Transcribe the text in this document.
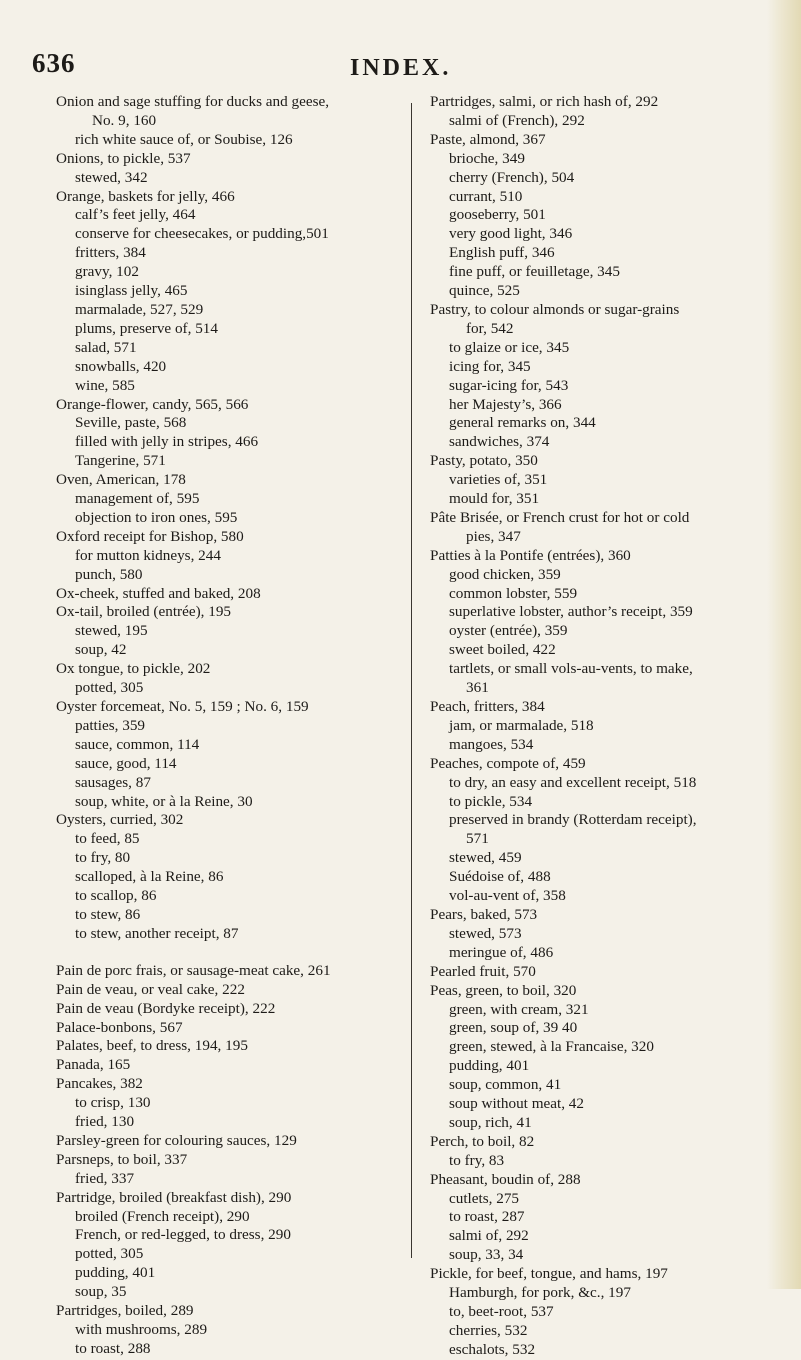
636	INDEX.
Onion and sage stuffing for ducks and geese,
No. 9, 160
rich white sauce of, or Soubise, 126
Onions, to pickle, 537
stewed, 342
Orange, baskets for jelly, 466
calf’s feet jelly, 464
conserve for cheesecakes, or pudding,501
fritters, 384
gravy, 102
isinglass jelly, 465
marmalade, 527, 529
plums, preserve of, 514
salad, 571
snowballs, 420
wine, 585
Orange-flower, candy, 565, 566
Seville, paste, 568
filled with jelly in stripes, 466
Tangerine, 571
Oven, American, 178
management of, 595
objection to iron ones, 595
Oxford receipt for Bishop, 580
for mutton kidneys, 244
punch, 580
Ox-cheek, stuffed and baked, 208
Ox-tail, broiled (entrée), 195
stewed, 195
soup, 42
Ox tongue, to pickle, 202
potted, 305
Oyster forcemeat, No. 5, 159 ; No. 6, 159
patties, 359
sauce, common, 114
sauce, good, 114
sausages, 87
soup, white, or à la Reine, 30
Oysters, curried, 302
to feed, 85
to fry, 80
scalloped, à la Reine, 86
to scallop, 86
to stew, 86
to stew, another receipt, 87
Pain de porc frais, or sausage-meat cake, 261
Pain de veau, or veal cake, 222
Pain de veau (Bordyke receipt), 222
Palace-bonbons, 567
Palates, beef, to dress, 194, 195
Panada, 165
Pancakes, 382
to crisp, 130
fried, 130
Parsley-green for colouring sauces, 129
Parsneps, to boil, 337
fried, 337
Partridge, broiled (breakfast dish), 290
broiled (French receipt), 290
French, or red-legged, to dress, 290
potted, 305
pudding, 401
soup, 35
Partridges, boiled, 289
with mushrooms, 289
to roast, 288
Partridges, salmi, or rich hash of, 292
salmi of (French), 292
Paste, almond, 367
brioche, 349
cherry (French), 504
currant, 510
gooseberry, 501
very good light, 346
English puff, 346
fine puff, or feuilletage, 345
quince, 525
Pastry, to colour almonds or sugar-grains
for, 542
to glaize or ice, 345
icing for, 345
sugar-icing for, 543
her Majesty’s, 366
general remarks on, 344
sandwiches, 374
Pasty, potato, 350
varieties of, 351
mould for, 351
Pâte Brisée, or French crust for hot or cold
pies, 347
Patties à la Pontife (entrées), 360
good chicken, 359
common lobster, 559
superlative lobster, author’s receipt, 359
oyster (entrée), 359
sweet boiled, 422
tartlets, or small vols-au-vents, to make,
361
Peach, fritters, 384
jam, or marmalade, 518
mangoes, 534
Peaches, compote of, 459
to dry, an easy and excellent receipt, 518
to pickle, 534
preserved in brandy (Rotterdam receipt),
571
stewed, 459
Suédoise of, 488
vol-au-vent of, 358
Pears, baked, 573
stewed, 573
meringue of, 486
Pearled fruit, 570
Peas, green, to boil, 320
green, with cream, 321
green, soup of, 39 40
green, stewed, à la Francaise, 320
pudding, 401
soup, common, 41
soup without meat, 42
soup, rich, 41
Perch, to boil, 82
to fry, 83
Pheasant, boudin of, 288
cutlets, 275
to roast, 287
salmi of, 292
soup, 33, 34
Pickle, for beef, tongue, and hams, 197
Hamburgh, for pork, &c., 197
to, beet-root, 537
cherries, 532
eschalots, 532
